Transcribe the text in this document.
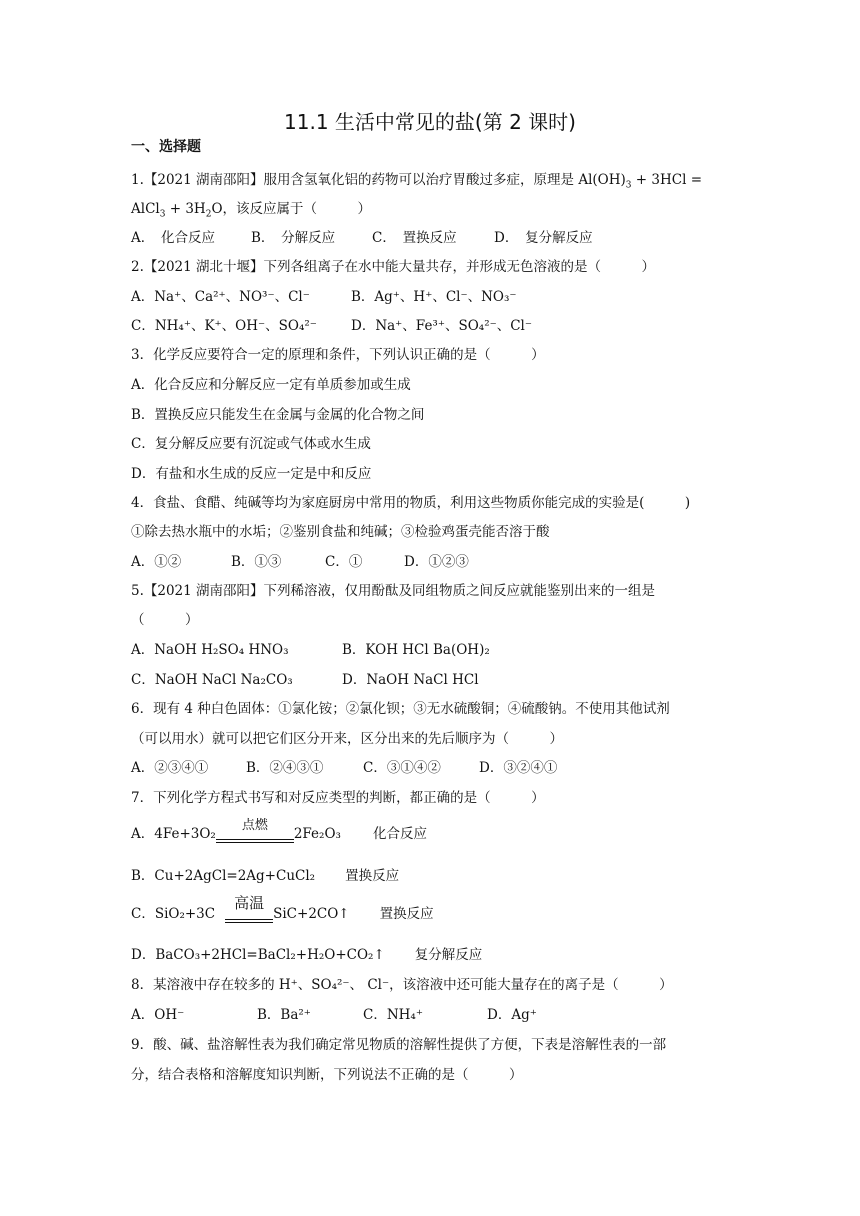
11.1 生活中常见的盐(第 2 课时)
一、选择题
1.【2021 湖南邵阳】服用含氢氧化铝的药物可以治疗胃酸过多症，原理是 $Al(OH)_3 + 3HCl$ =
AlCl$_3$ + $3H_2O$，该反应属于（　　　）
A．　化合反应	B．　分解反应	C．　置换反应	D．　复分解反应
2.【2021 湖北十堰】下列各组离子在水中能大量共存，并形成无色溶液的是（　　　）
A．Na⁺、Ca²⁺、NO³⁻、Cl⁻	B．Ag⁺、H⁺、Cl⁻、NO₃⁻
C．NH₄⁺、K⁺、OH⁻、SO₄²⁻	D．Na⁺、Fe³⁺、SO₄²⁻、Cl⁻
3．化学反应要符合一定的原理和条件，下列认识正确的是（　　　）
A．化合反应和分解反应一定有单质参加或生成
B．置换反应只能发生在金属与金属的化合物之间
C．复分解反应要有沉淀或气体或水生成
D．有盐和水生成的反应一定是中和反应
4．食盐、食醋、纯碱等均为家庭厨房中常用的物质，利用这些物质你能完成的实验是(　　　)
①除去热水瓶中的水垢；②鉴别食盐和纯碱；③检验鸡蛋壳能否溶于酸
A．①②	B．①③	C．①	D．①②③
5.【2021 湖南邵阳】下列稀溶液，仅用酚酞及同组物质之间反应就能鉴别出来的一组是
（　　　）
A．NaOH H₂SO₄ HNO₃	B．KOH HCl Ba(OH)₂
C．NaOH NaCl Na₂CO₃	D．NaOH NaCl HCl
6．现有 4 种白色固体：①氯化铵；②氯化钡；③无水硫酸铜；④硫酸钠。不使用其他试剂
（可以用水）就可以把它们区分开来，区分出来的先后顺序为（　　　）
A．②③④①	B．②④③①	C．③①④②	D．③②④①
7．下列化学方程式书写和对反应类型的判断，都正确的是（　　　）
A．4Fe+3O₂
点燃
2Fe₂O₃ 化合反应
B．Cu+2AgCl=2Ag+CuCl₂ 置换反应
C．SiO₂+3C
高温
SiC+2CO↑ 置换反应
D．BaCO₃+2HCl=BaCl₂+H₂O+CO₂↑ 复分解反应
8．某溶液中存在较多的 H⁺、SO₄²⁻、 Cl⁻，该溶液中还可能大量存在的离子是（　　　）
A．OH⁻	B．Ba²⁺	C．NH₄⁺	D．Ag⁺
9．酸、碱、盐溶解性表为我们确定常见物质的溶解性提供了方便，下表是溶解性表的一部
分，结合表格和溶解度知识判断，下列说法不正确的是（　　　）
